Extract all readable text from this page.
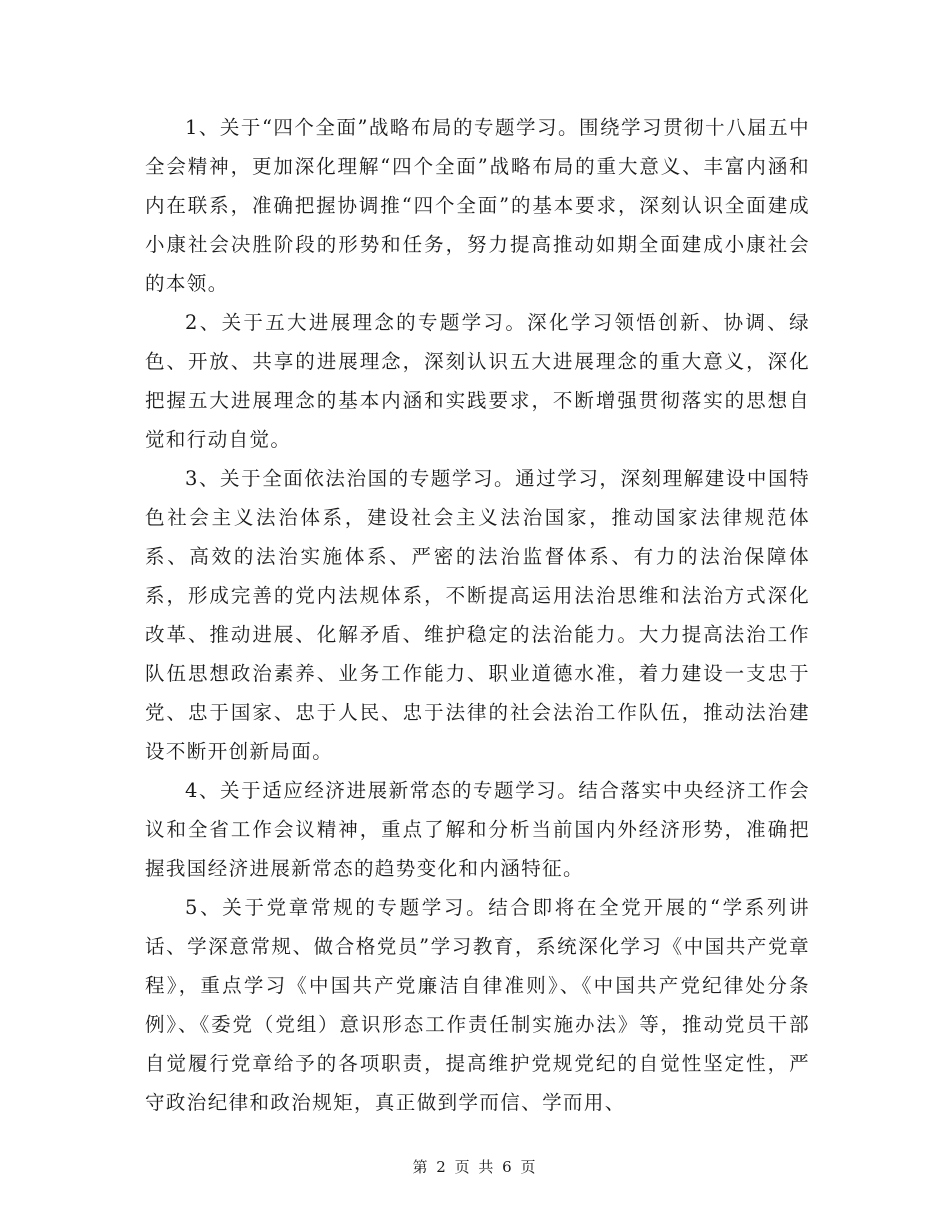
1、关于“四个全面”战略布局的专题学习。围绕学习贯彻十八届五中全会精神，更加深化理解“四个全面”战略布局的重大意义、丰富内涵和内在联系，准确把握协调推“四个全面”的基本要求，深刻认识全面建成小康社会决胜阶段的形势和任务，努力提高推动如期全面建成小康社会的本领。

2、关于五大进展理念的专题学习。深化学习领悟创新、协调、绿色、开放、共享的进展理念，深刻认识五大进展理念的重大意义，深化把握五大进展理念的基本内涵和实践要求，不断增强贯彻落实的思想自觉和行动自觉。

3、关于全面依法治国的专题学习。通过学习，深刻理解建设中国特色社会主义法治体系，建设社会主义法治国家，推动国家法律规范体系、高效的法治实施体系、严密的法治监督体系、有力的法治保障体系，形成完善的党内法规体系，不断提高运用法治思维和法治方式深化改革、推动进展、化解矛盾、维护稳定的法治能力。大力提高法治工作队伍思想政治素养、业务工作能力、职业道德水准，着力建设一支忠于党、忠于国家、忠于人民、忠于法律的社会法治工作队伍，推动法治建设不断开创新局面。

4、关于适应经济进展新常态的专题学习。结合落实中央经济工作会议和全省工作会议精神，重点了解和分析当前国内外经济形势，准确把握我国经济进展新常态的趋势变化和内涵特征。

5、关于党章常规的专题学习。结合即将在全党开展的“学系列讲话、学深意常规、做合格党员”学习教育，系统深化学习《中国共产党章程》，重点学习《中国共产党廉洁自律准则》、《中国共产党纪律处分条例》、《委党（党组）意识形态工作责任制实施办法》等，推动党员干部自觉履行党章给予的各项职责，提高维护党规党纪的自觉性坚定性，严守政治纪律和政治规矩，真正做到学而信、学而用、

第 2 页 共 6 页
